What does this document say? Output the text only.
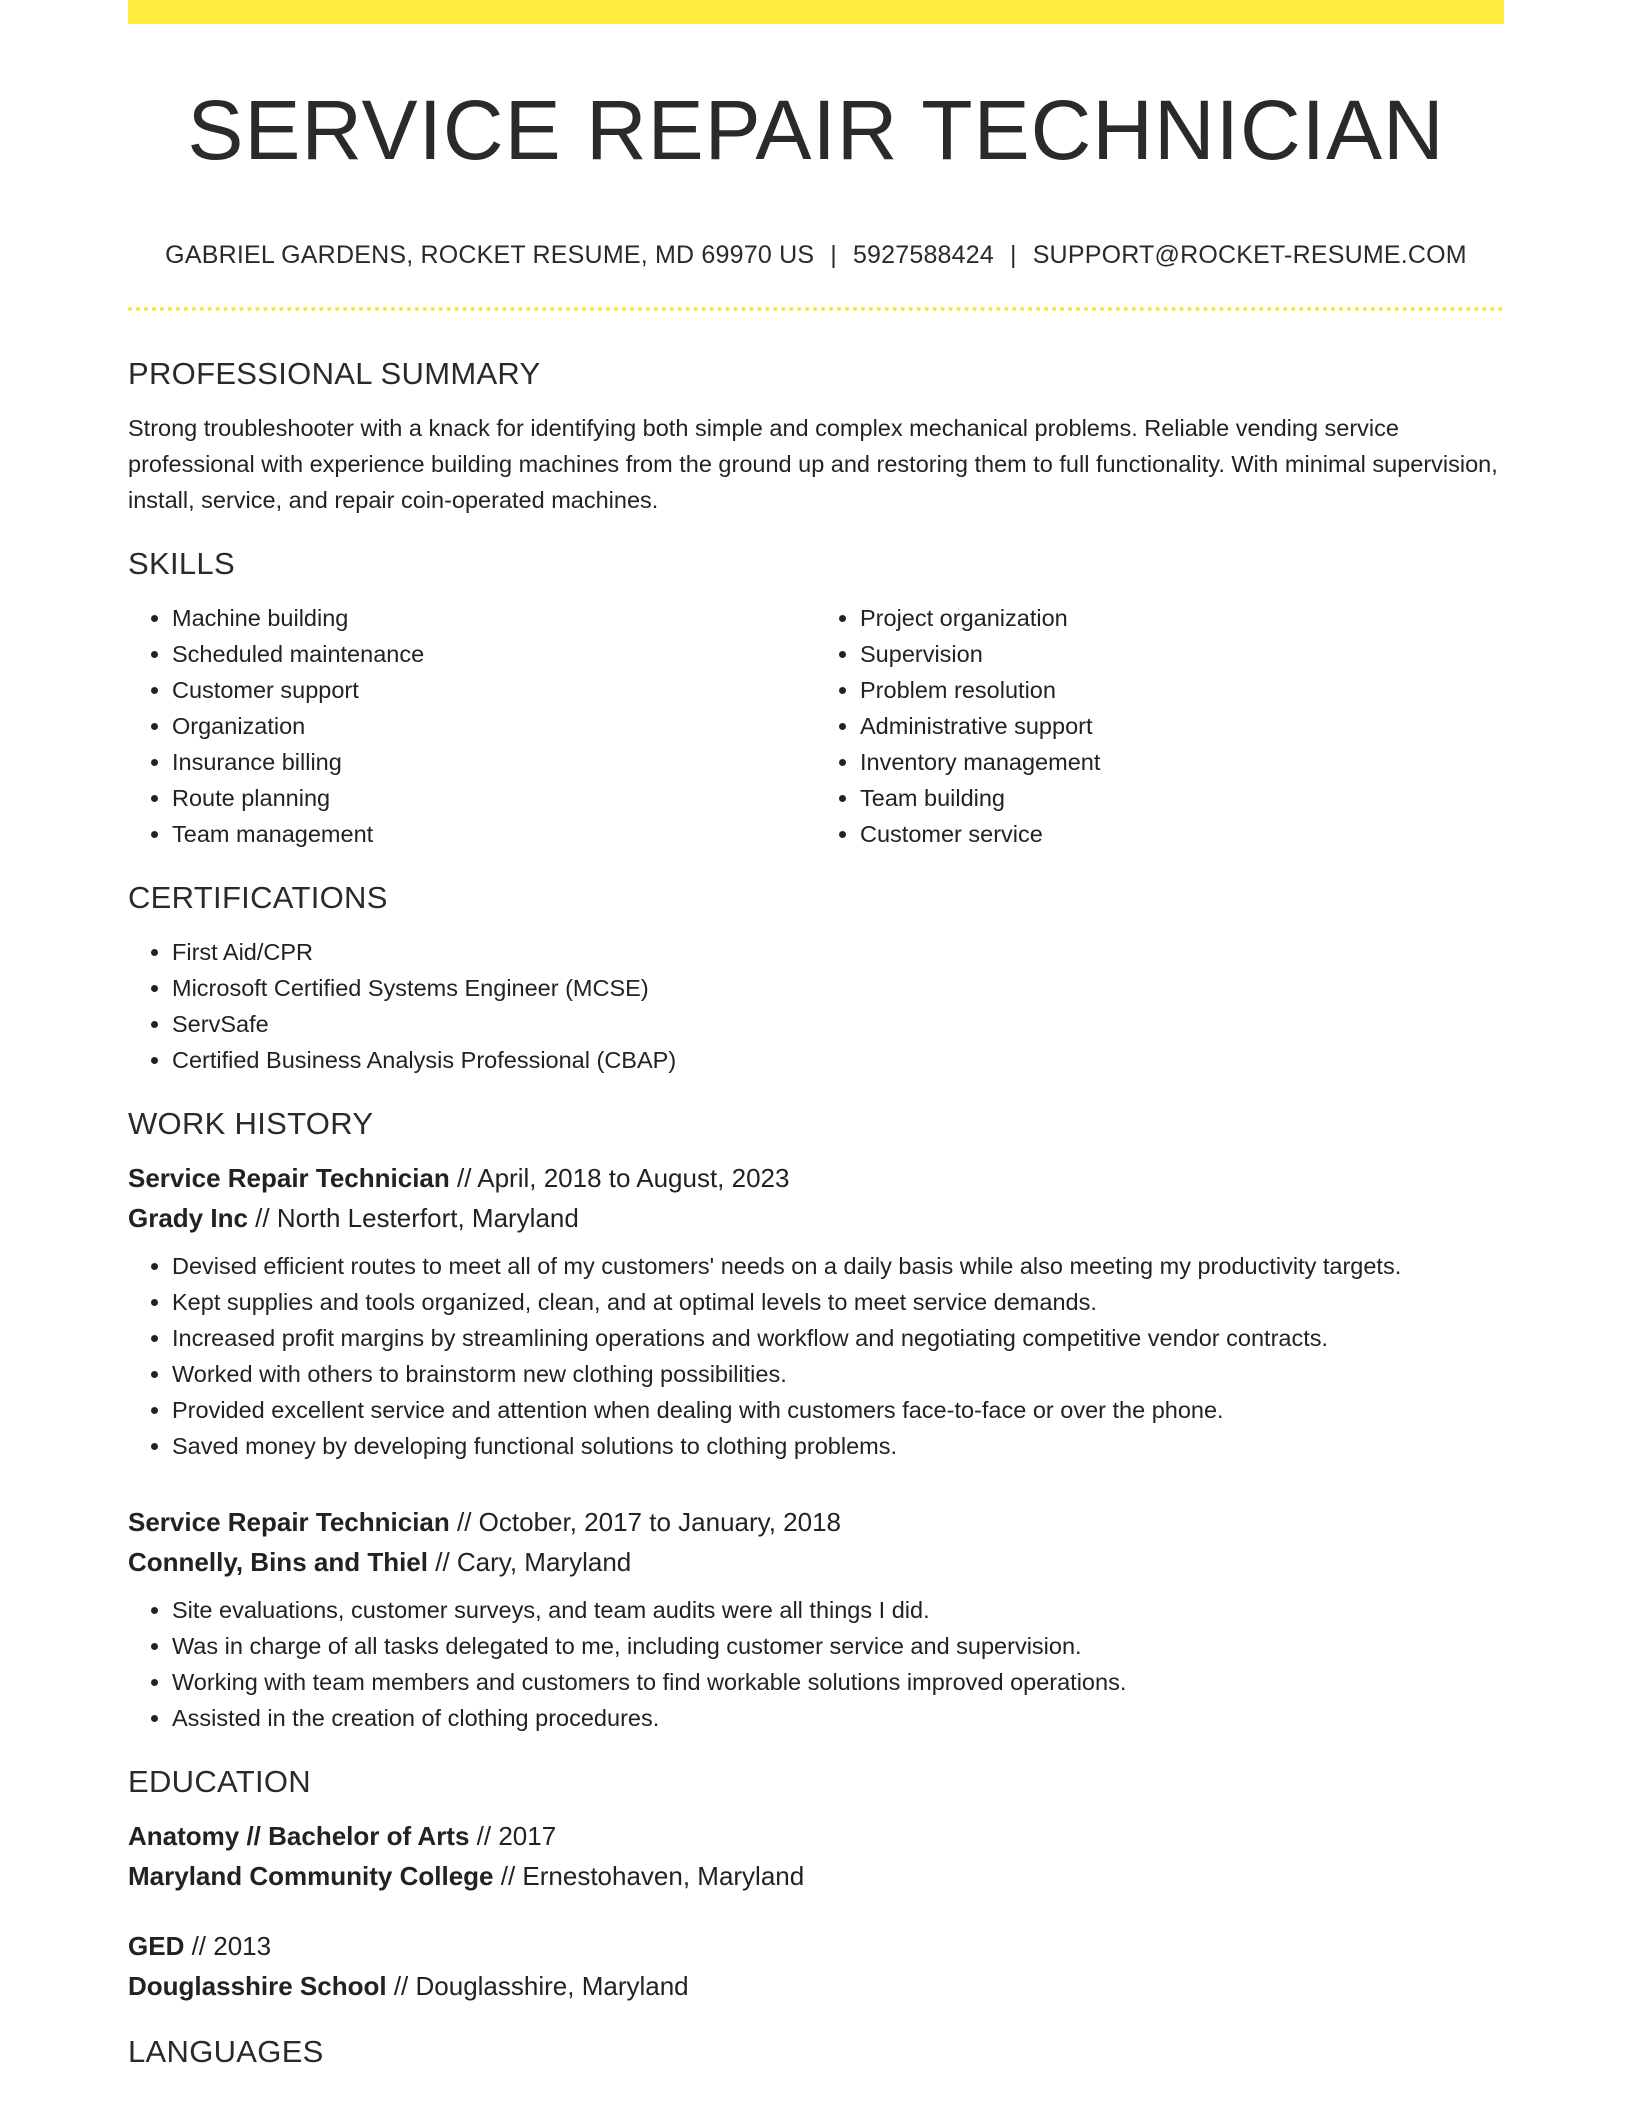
SERVICE REPAIR TECHNICIAN
GABRIEL GARDENS, ROCKET RESUME, MD 69970 US | 5927588424 | SUPPORT@ROCKET-RESUME.COM
PROFESSIONAL SUMMARY

Strong troubleshooter with a knack for identifying both simple and complex mechanical problems. Reliable vending service professional with experience building machines from the ground up and restoring them to full functionality. With minimal supervision, install, service, and repair coin-operated machines.

SKILLS
• Machine building
• Scheduled maintenance
• Customer support
• Organization
• Insurance billing
• Route planning
• Team management
• Project organization
• Supervision
• Problem resolution
• Administrative support
• Inventory management
• Team building
• Customer service
CERTIFICATIONS
• First Aid/CPR
• Microsoft Certified Systems Engineer (MCSE)
• ServSafe
• Certified Business Analysis Professional (CBAP)
WORK HISTORY
Service Repair Technician // April, 2018 to August, 2023
Grady Inc // North Lesterfort, Maryland
• Devised efficient routes to meet all of my customers' needs on a daily basis while also meeting my productivity targets.
• Kept supplies and tools organized, clean, and at optimal levels to meet service demands.
• Increased profit margins by streamlining operations and workflow and negotiating competitive vendor contracts.
• Worked with others to brainstorm new clothing possibilities.
• Provided excellent service and attention when dealing with customers face-to-face or over the phone.
• Saved money by developing functional solutions to clothing problems.
Service Repair Technician // October, 2017 to January, 2018
Connelly, Bins and Thiel // Cary, Maryland
• Site evaluations, customer surveys, and team audits were all things I did.
• Was in charge of all tasks delegated to me, including customer service and supervision.
• Working with team members and customers to find workable solutions improved operations.
• Assisted in the creation of clothing procedures.
EDUCATION
Anatomy // Bachelor of Arts // 2017
Maryland Community College // Ernestohaven, Maryland
GED // 2013
Douglasshire School // Douglasshire, Maryland
LANGUAGES
